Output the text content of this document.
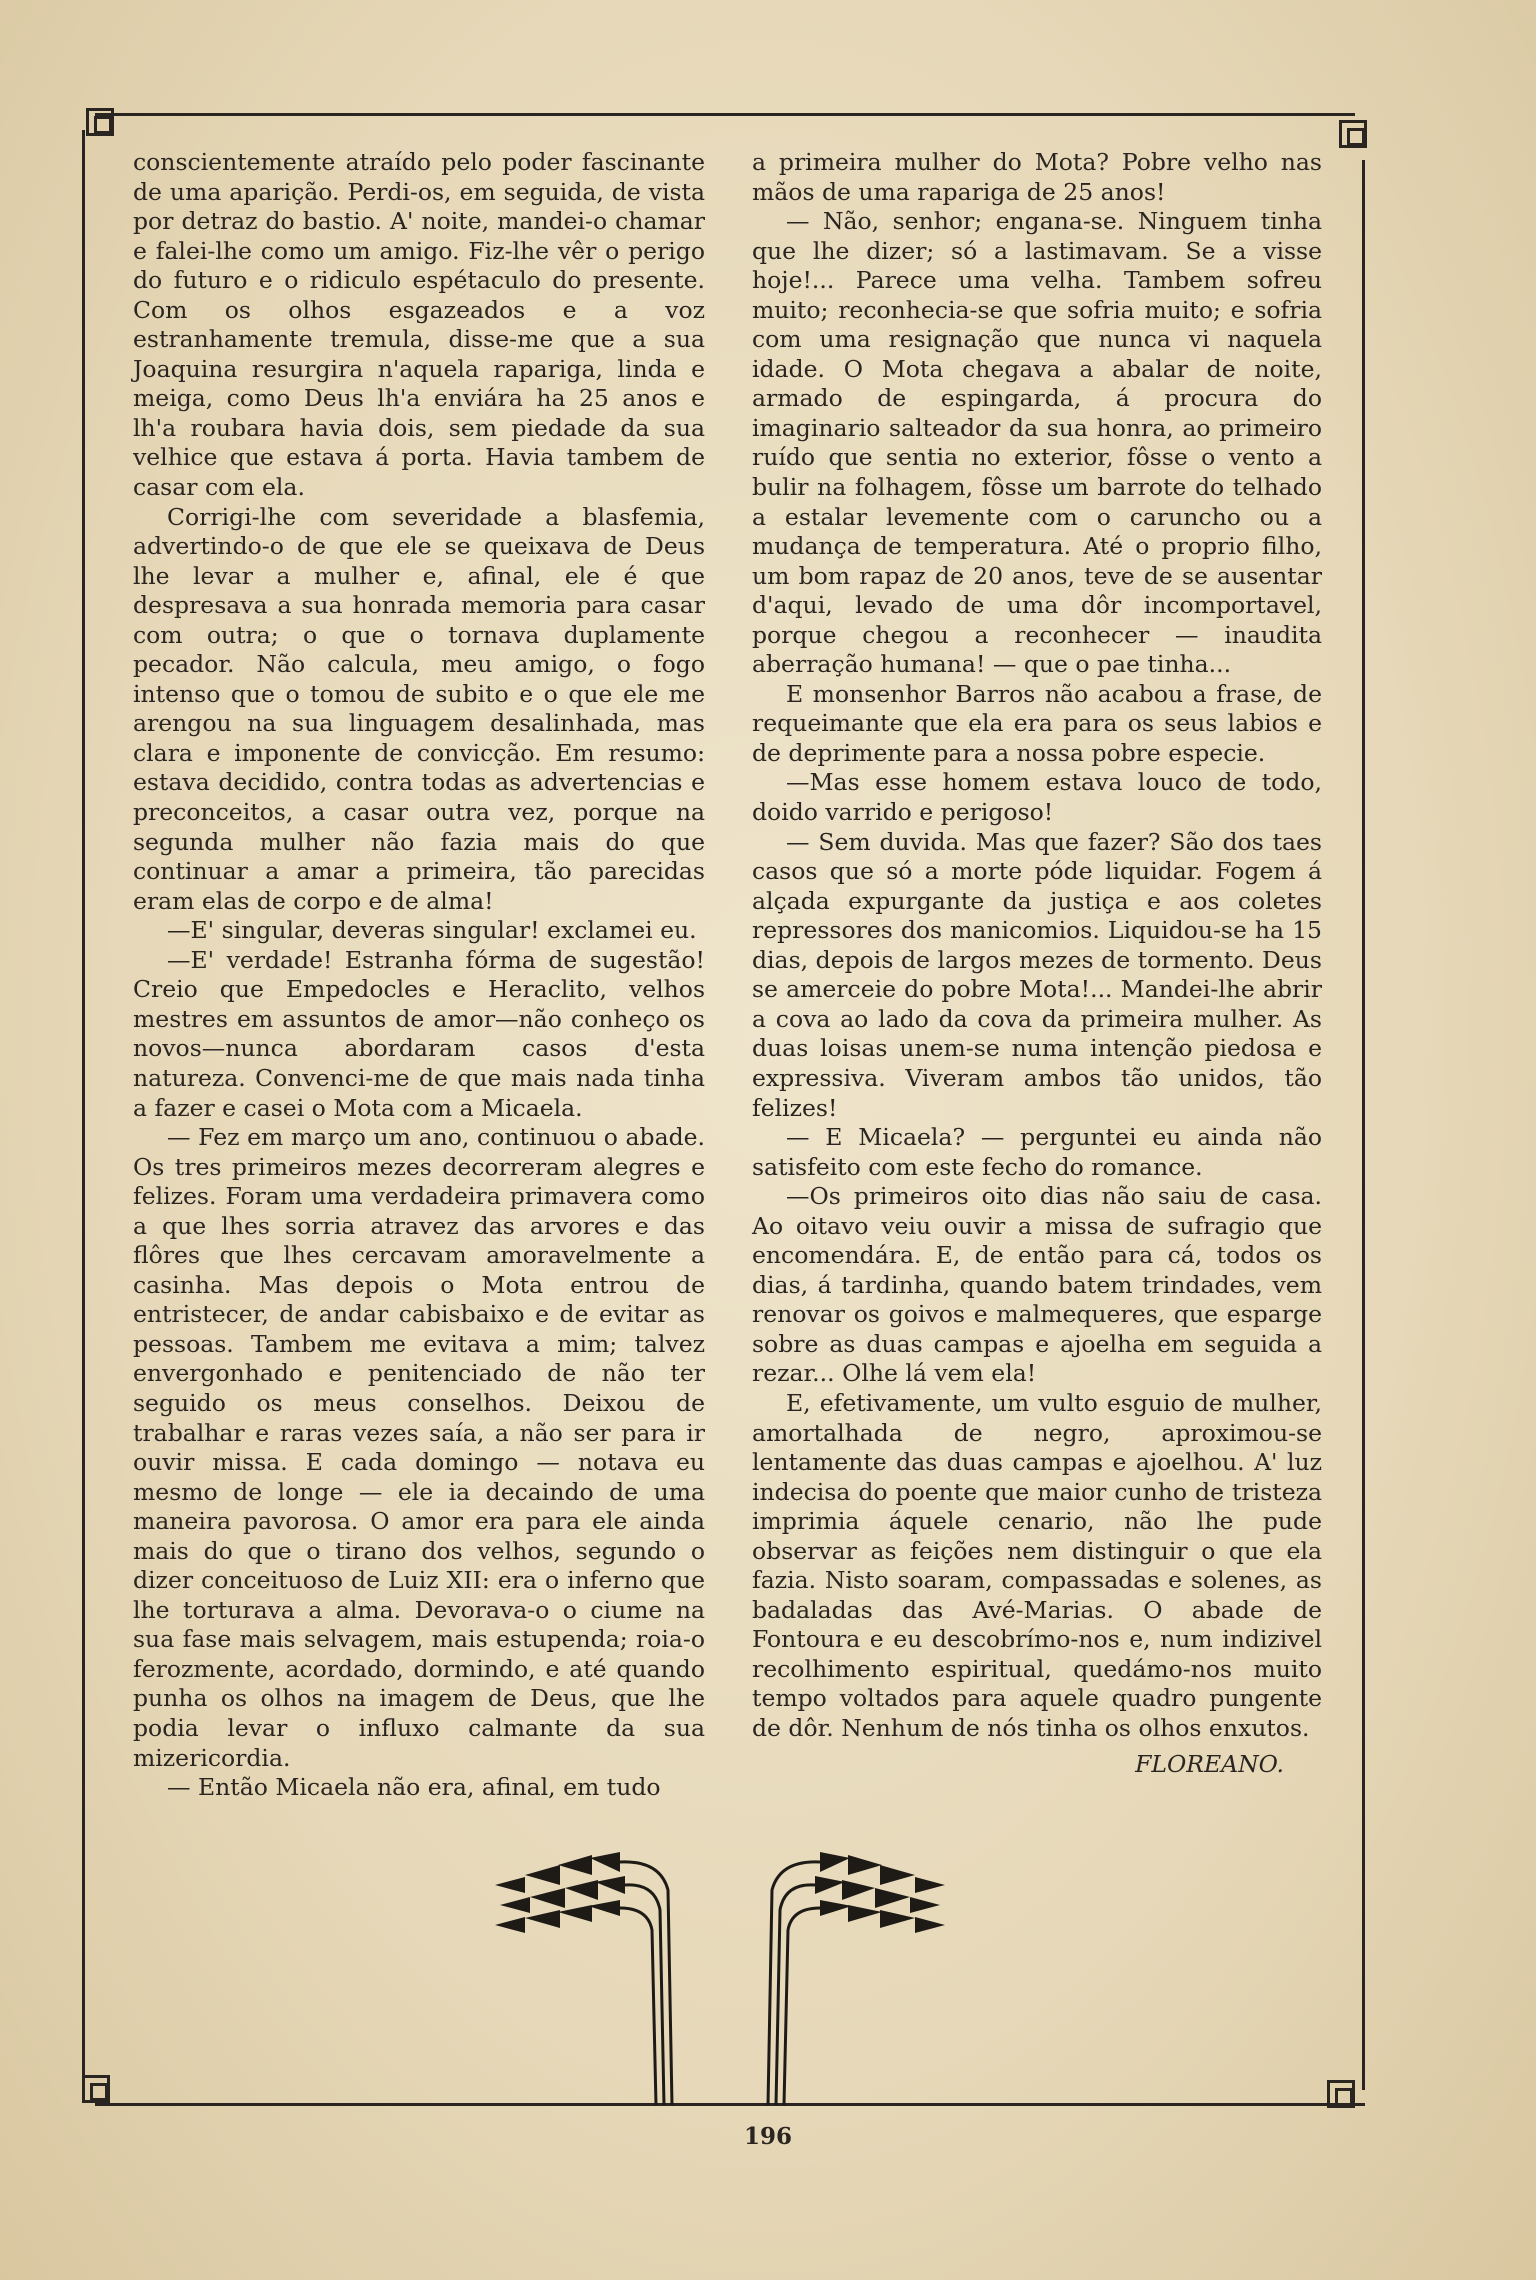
conscientemente atraído pelo poder fascinante de uma aparição. Perdi-os, em seguida, de vista por detraz do bastio. A' noite, mandei-o chamar e falei-lhe como um amigo. Fiz-lhe vêr o perigo do futuro e o ridiculo espétaculo do presente. Com os olhos esgazeados e a voz estranhamente tremula, disse-me que a sua Joaquina resurgira n'aquela rapariga, linda e meiga, como Deus lh'a enviára ha 25 anos e lh'a roubara havia dois, sem piedade da sua velhice que estava á porta. Havia tambem de casar com ela.

Corrigi-lhe com severidade a blasfemia, advertindo-o de que ele se queixava de Deus lhe levar a mulher e, afinal, ele é que despresava a sua honrada memoria para casar com outra; o que o tornava duplamente pecador. Não calcula, meu amigo, o fogo intenso que o tomou de subito e o que ele me arengou na sua linguagem desalinhada, mas clara e imponente de convicção. Em resumo: estava decidido, contra todas as advertencias e preconceitos, a casar outra vez, porque na segunda mulher não fazia mais do que continuar a amar a primeira, tão parecidas eram elas de corpo e de alma!

—E' singular, deveras singular! exclamei eu.

—E' verdade! Estranha fórma de sugestão! Creio que Empedocles e Heraclito, velhos mestres em assuntos de amor—não conheço os novos—nunca abordaram casos d'esta natureza. Convenci-me de que mais nada tinha a fazer e casei o Mota com a Micaela.

— Fez em março um ano, continuou o abade. Os tres primeiros mezes decorreram alegres e felizes. Foram uma verdadeira primavera como a que lhes sorria atravez das arvores e das flôres que lhes cercavam amoravelmente a casinha. Mas depois o Mota entrou de entristecer, de andar cabisbaixo e de evitar as pessoas. Tambem me evitava a mim; talvez envergonhado e penitenciado de não ter seguido os meus conselhos. Deixou de trabalhar e raras vezes saía, a não ser para ir ouvir missa. E cada domingo — notava eu mesmo de longe — ele ia decaindo de uma maneira pavorosa. O amor era para ele ainda mais do que o tirano dos velhos, segundo o dizer conceituoso de Luiz XII: era o inferno que lhe torturava a alma. Devorava-o o ciume na sua fase mais selvagem, mais estupenda; roia-o ferozmente, acordado, dormindo, e até quando punha os olhos na imagem de Deus, que lhe podia levar o influxo calmante da sua mizericordia.

— Então Micaela não era, afinal, em tudo

a primeira mulher do Mota? Pobre velho nas mãos de uma rapariga de 25 anos!

— Não, senhor; engana-se. Ninguem tinha que lhe dizer; só a lastimavam. Se a visse hoje!... Parece uma velha. Tambem sofreu muito; reconhecia-se que sofria muito; e sofria com uma resignação que nunca vi naquela idade. O Mota chegava a abalar de noite, armado de espingarda, á procura do imaginario salteador da sua honra, ao primeiro ruído que sentia no exterior, fôsse o vento a bulir na folhagem, fôsse um barrote do telhado a estalar levemente com o caruncho ou a mudança de temperatura. Até o proprio filho, um bom rapaz de 20 anos, teve de se ausentar d'aqui, levado de uma dôr incomportavel, porque chegou a reconhecer — inaudita aberração humana! — que o pae tinha...

E monsenhor Barros não acabou a frase, de requeimante que ela era para os seus labios e de deprimente para a nossa pobre especie.

—Mas esse homem estava louco de todo, doido varrido e perigoso!

— Sem duvida. Mas que fazer? São dos taes casos que só a morte póde liquidar. Fogem á alçada expurgante da justiça e aos coletes repressores dos manicomios. Liquidou-se ha 15 dias, depois de largos mezes de tormento. Deus se amerceie do pobre Mota!... Mandei-lhe abrir a cova ao lado da cova da primeira mulher. As duas loisas unem-se numa intenção piedosa e expressiva. Viveram ambos tão unidos, tão felizes!

— E Micaela? — perguntei eu ainda não satisfeito com este fecho do romance.

—Os primeiros oito dias não saiu de casa. Ao oitavo veiu ouvir a missa de sufragio que encomendára. E, de então para cá, todos os dias, á tardinha, quando batem trindades, vem renovar os goivos e malmequeres, que esparge sobre as duas campas e ajoelha em seguida a rezar... Olhe lá vem ela!

E, efetivamente, um vulto esguio de mulher, amortalhada de negro, aproximou-se lentamente das duas campas e ajoelhou. A' luz indecisa do poente que maior cunho de tristeza imprimia áquele cenario, não lhe pude observar as feições nem distinguir o que ela fazia. Nisto soaram, compassadas e solenes, as badaladas das Avé-Marias. O abade de Fontoura e eu descobrímo-nos e, num indizivel recolhimento espiritual, quedámo-nos muito tempo voltados para aquele quadro pungente de dôr. Nenhum de nós tinha os olhos enxutos.

FLOREANO.
196
